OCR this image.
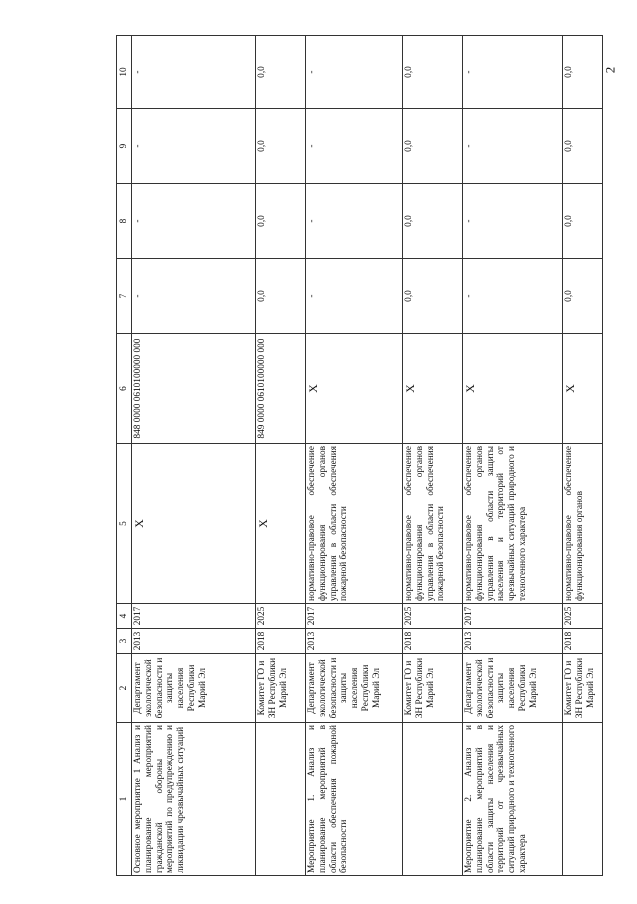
2
1	2	3	4	5	6	7	8	9	10
Основное мероприятие 1 Анализ и планирование мероприятий гражданской обороны и мероприятий по предупреждению и ликвидации чрезвычайных ситуаций	Департамент экологической безопасности и защиты населения Республики Марий Эл	2013	2017	Х	848 0000 0610100000 000	-	-	-	-
	Комитет ГО и ЗН Республики Марий Эл	2018	2025	Х	849 0000 0610100000 000	0,0	0,0	0,0	0,0
Мероприятие 1. Анализ и планирование мероприятий в области обеспечения пожарной безопасности	Департамент экологической безопасности и защиты населения Республики Марий Эл	2013	2017	нормативно-правовое обеспечение функционирования органов управления в области обеспечения пожарной безопасности	Х	-	-	-	-
	Комитет ГО и ЗН Республики Марий Эл	2018	2025	нормативно-правовое обеспечение функционирования органов управления в области обеспечения пожарной безопасности	Х	0,0	0,0	0,0	0,0
Мероприятие 2. Анализ и планирование мероприятий в области защиты населения и территорий от чрезвычайных ситуаций природного и техногенного характера	Департамент экологической безопасности и защиты населения Республики Марий Эл	2013	2017	нормативно-правовое обеспечение функционирования органов управления в области защиты населения и территорий от чрезвычайных ситуаций природного и техногенного характера	Х	-	-	-	-
	Комитет ГО и ЗН Республики Марий Эл	2018	2025	нормативно-правовое обеспечение функционирования органов	Х	0,0	0,0	0,0	0,0
